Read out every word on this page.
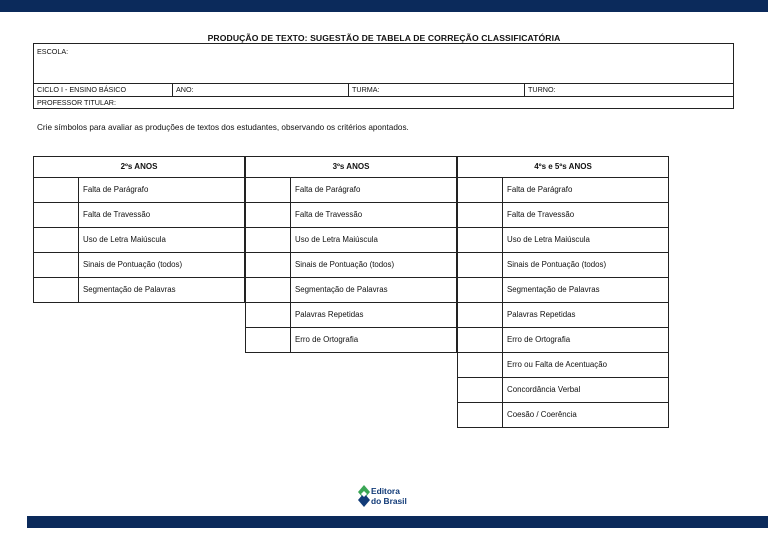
PRODUÇÃO DE TEXTO: SUGESTÃO DE TABELA DE CORREÇÃO CLASSIFICATÓRIA
ESCOLA:
CICLO I - ENSINO BÁSICO	ANO:	TURMA:	TURNO:
PROFESSOR TITULAR:
Crie símbolos para avaliar as produções de textos dos estudantes, observando os critérios apontados.
2ºs ANOS
Falta de Parágrafo
Falta de Travessão
Uso de Letra Maiúscula
Sinais de Pontuação (todos)
Segmentação de Palavras
3ºs ANOS
Falta de Parágrafo
Falta de Travessão
Uso de Letra Maiúscula
Sinais de Pontuação (todos)
Segmentação de Palavras
Palavras Repetidas
Erro de Ortografia
4ºs e 5ºs ANOS
Falta de Parágrafo
Falta de Travessão
Uso de Letra Maiúscula
Sinais de Pontuação (todos)
Segmentação de Palavras
Palavras Repetidas
Erro de Ortografia
Erro ou Falta de Acentuação
Concordância Verbal
Coesão / Coerência
Editora
do Brasil
